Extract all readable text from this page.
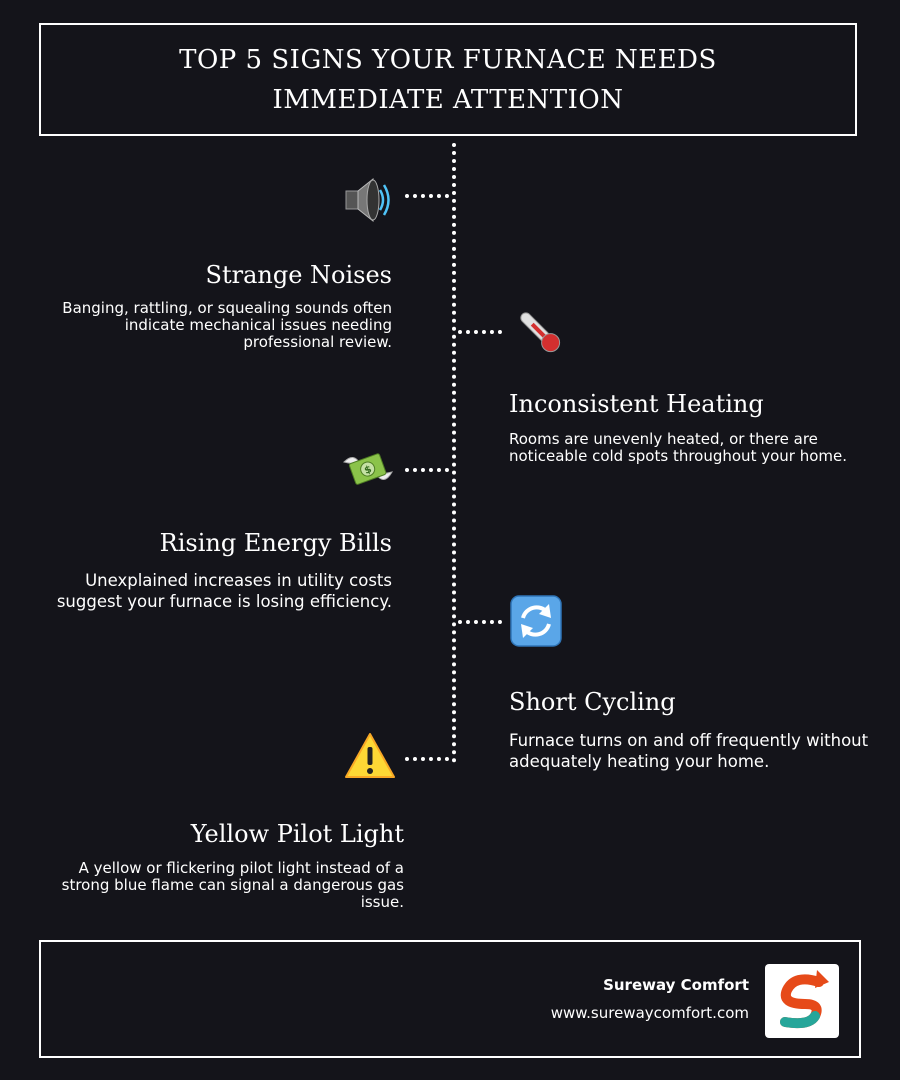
TOP 5 SIGNS YOUR FURNACE NEEDS IMMEDIATE ATTENTION
Strange Noises

Banging, rattling, or squealing sounds often indicate mechanical issues needing professional review.

Inconsistent Heating

Rooms are unevenly heated, or there are noticeable cold spots throughout your home.

$
Rising Energy Bills

Unexplained increases in utility costs suggest your furnace is losing efficiency.

Short Cycling

Furnace turns on and off frequently without adequately heating your home.

Yellow Pilot Light

A yellow or flickering pilot light instead of a strong blue flame can signal a dangerous gas issue.

Sureway Comfort
www.surewaycomfort.com
